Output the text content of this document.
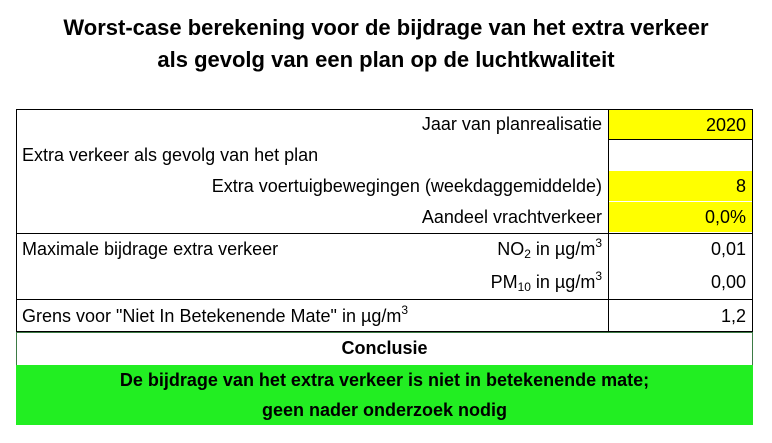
Worst-case berekening voor de bijdrage van het extra verkeer
als gevolg van een plan op de luchtkwaliteit
Jaar van planrealisatie	2020
Extra verkeer als gevolg van het plan
Extra voertuigbewegingen (weekdaggemiddelde)	8
Aandeel vrachtverkeer	0,0%
Maximale bijdrage extra verkeer	$NO_2$ in $\mu g/m^3$	0,01
$PM_{10}$ in $\mu g/m^3$	0,00
Grens voor "Niet In Betekenende Mate" in $\mu g/m^3$	1,2
Conclusie
De bijdrage van het extra verkeer is niet in betekenende mate;
geen nader onderzoek nodig
